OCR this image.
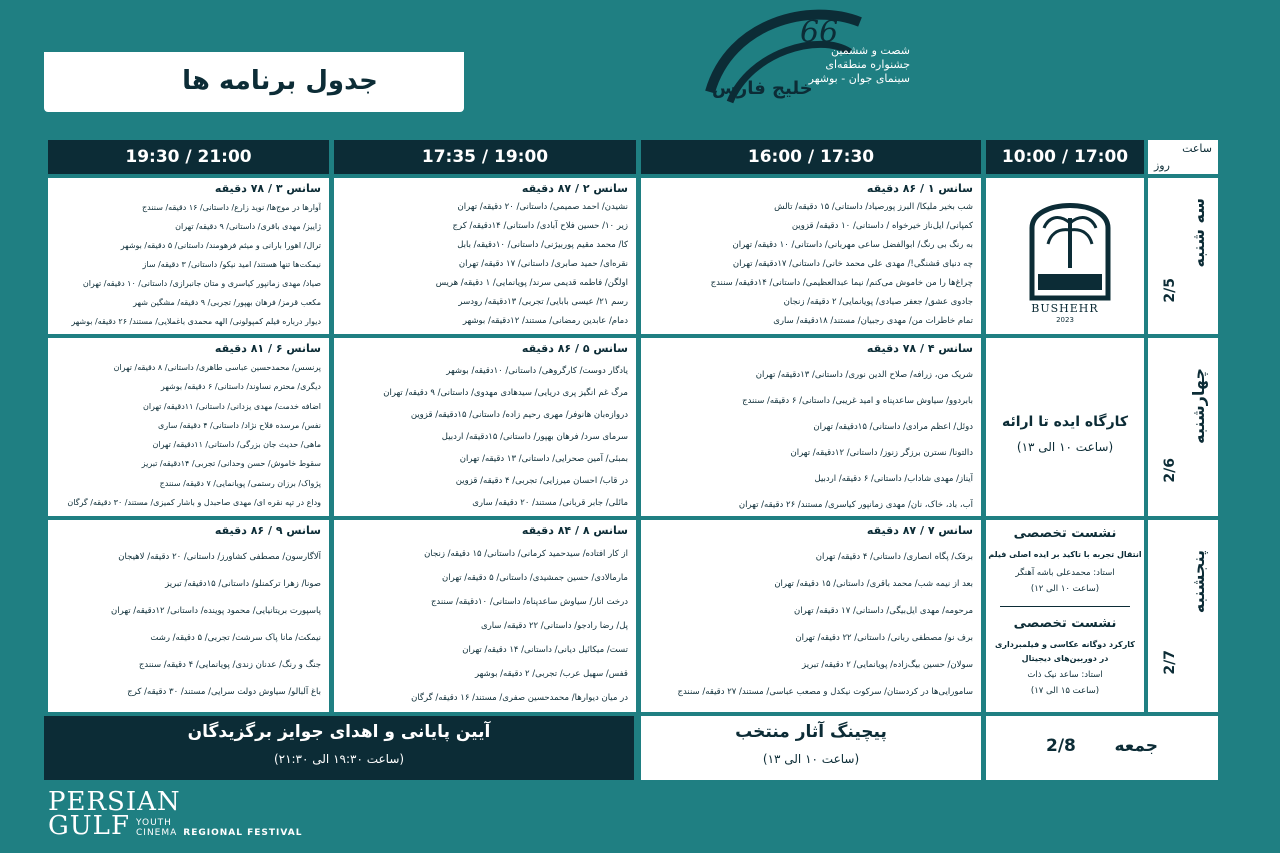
جدول برنامه ها
66
شصت و ششمین
جشنواره منطقه‌ای
سینمای جوان - بوشهر
خلیج فارس
ساعت
روز
10:00 / 17:00
16:00 / 17:30
17:35 / 19:00
19:30 / 21:00
سه شنبه
2/5
چهارشنبه
2/6
پنجشنبه
2/7
BUSHEHR
2023
کارگاه ایده تا ارائه
(ساعت ۱۰ الی ۱۳)
نشست تخصصی
انتقال تجربه با تاکید بر ایده اصلی فیلم
استاد: محمدعلی باشه آهنگر
(ساعت ۱۰ الی ۱۲)
نشست تخصصی
کارکرد دوگانه عکاسی و فیلمبرداری
در دوربین‌های دیجیتال
استاد: ساعد نیک ذات
(ساعت ۱۵ الی ۱۷)
سانس ۱ / ۸۶ دقیقه
شب بخیر ملیکا/ البرز پورصیاد/ داستانی/ ۱۵ دقیقه/ تالش
کمپانی/ ایل‌ناز خیرخواه / داستانی/ ۱۰ دقیقه/ قزوین
به رنگ بی رنگ/ ابوالفضل ساعی مهربانی/ داستانی/ ۱۰ دقیقه/ تهران
چه دنیای قشنگی!/ مهدی علی محمد خانی/ داستانی/ ۱۷دقیقه/ تهران
چراغ‌ها را من خاموش می‌کنم/ نیما عبدالعظیمی/ داستانی/ ۱۴دقیقه/ سنندج
جادوی عشق/ جعفر صیادی/ پویانمایی/ ۲ دقیقه/ زنجان
تمام خاطرات من/ مهدی رجبیان/ مستند/ ۱۸دقیقه/ ساری
سانس ۲ / ۸۷ دقیقه
نشیدن/ احمد صمیمی/ داستانی/ ۲۰ دقیقه/ تهران
زیر ۱۰/ حسین فلاح آبادی/ داستانی/ ۱۴دقیقه/ کرج
کا/ محمد مقیم پوربیژنی/ داستانی/ ۱۰دقیقه/ بابل
نقره‌ای/ حمید صابری/ داستانی/ ۱۷ دقیقه/ تهران
اولگن/ فاطمه قدیمی سرند/ پویانمایی/ ۱ دقیقه/ هریس
رسم ۲۱/ عیسی بابایی/ تجربی/ ۱۳دقیقه/ رودسر
دمام/ عابدین رمضانی/ مستند/ ۱۲دقیقه/ بوشهر
سانس ۳ / ۷۸ دقیقه
آوارها در موج‌ها/ نوید زارع/ داستانی/ ۱۶ دقیقه/ سنندج
ژاییز/ مهدی باقری/ داستانی/ ۹ دقیقه/ تهران
ترال/ اهورا بارانی و میثم فرهومند/ داستانی/ ۵ دقیقه/ بوشهر
نیمکت‌ها تنها هستند/ امید نیکو/ داستانی/ ۳ دقیقه/ ساز
صیاد/ مهدی زمانپور کیاسری و متان جانبرازی/ داستانی/ ۱۰ دقیقه/ تهران
مکعب قرمز/ فرهان بهپور/ تجربی/ ۹ دقیقه/ مشگین شهر
دیوار درباره فیلم کمپولونی/ الهه محمدی باغملایی/ مستند/ ۲۶ دقیقه/ بوشهر
سانس ۴ / ۷۸ دقیقه
شریک من، زرافه/ صلاح الدین نوری/ داستانی/ ۱۳دقیقه/ تهران
بابردوو/ سیاوش ساعدپناه و امید غریبی/ داستانی/ ۶ دقیقه/ سنندج
دوئل/ اعظم مرادی/ داستانی/ ۱۵دقیقه/ تهران
دالتونا/ نسترن برزگر زنوز/ داستانی/ ۱۲دقیقه/ تهران
آیناز/ مهدی شاداب/ داستانی/ ۶ دقیقه/ اردبیل
آب، باد، خاک، نان/ مهدی زمانپور کیاسری/ مستند/ ۲۶ دقیقه/ تهران
سانس ۵ / ۸۶ دقیقه
یادگار دوست/ کارگروهی/ داستانی/ ۱۰دقیقه/ بوشهر
مرگ غم انگیز پری دریایی/ سیدهادی مهدوی/ داستانی/ ۹ دقیقه/ تهران
دروازه‌بان هانوفر/ مهری رحیم زاده/ داستانی/ ۱۵دقیقه/ قزوین
سرمای سرد/ فرهان بهپور/ داستانی/ ۱۵دقیقه/ اردبیل
بمبئی/ آمین صحرایی/ داستانی/ ۱۳ دقیقه/ تهران
در قاب/ احسان میرزایی/ تجربی/ ۴ دقیقه/ قزوین
مائلی/ جابر قربانی/ مستند/ ۲۰ دقیقه/ ساری
سانس ۶ / ۸۱ دقیقه
پرنسس/ محمدحسین عباسی طاهری/ داستانی/ ۸ دقیقه/ تهران
دیگری/ محترم نساوند/ داستانی/ ۶ دقیقه/ بوشهر
اضافه خدمت/ مهدی یزدانی/ داستانی/ ۱۱دقیقه/ تهران
نفس/ مرسده فلاح نژاد/ داستانی/ ۴ دقیقه/ ساری
ماهی/ حدیث جان بزرگی/ داستانی/ ۱۱دقیقه/ تهران
سقوط خاموش/ حسن وحدانی/ تجربی/ ۱۴دقیقه/ تبریز
پژواک/ برزان رستمی/ پویانمایی/ ۷ دقیقه/ سنندج
وداع در تپه نقره ای/ مهدی صاحبدل و باشار کمیزی/ مستند/ ۳۰ دقیقه/ گرگان
سانس ۷ / ۸۷ دقیقه
برفک/ پگاه انصاری/ داستانی/ ۴ دقیقه/ تهران
بعد از نیمه شب/ محمد باقری/ داستانی/ ۱۵ دقیقه/ تهران
مرحومه/ مهدی ایل‌بیگی/ داستانی/ ۱۷ دقیقه/ تهران
برف نو/ مصطفی ربانی/ داستانی/ ۲۲ دقیقه/ تهران
سولان/ حسین بیگ‌زاده/ پویانمایی/ ۲ دقیقه/ تبریز
سامورایی‌ها در کردستان/ سرکوت نیکدل و مصعب عباسی/ مستند/ ۲۷ دقیقه/ سنندج
سانس ۸ / ۸۴ دقیقه
از کار افتاده/ سیدحمید کرمانی/ داستانی/ ۱۵ دقیقه/ زنجان
مارمالادی/ حسین جمشیدی/ داستانی/ ۵ دقیقه/ تهران
درخت انار/ سیاوش ساعدپناه/ داستانی/ ۱۰دقیقه/ سنندج
پل/ رضا رادجو/ داستانی/ ۲۲ دقیقه/ ساری
تست/ میکائیل دیانی/ داستانی/ ۱۴ دقیقه/ تهران
قفس/ سهیل عرب/ تجربی/ ۲ دقیقه/ بوشهر
در میان دیوارها/ محمدحسین صفری/ مستند/ ۱۶ دقیقه/ گرگان
سانس ۹ / ۸۶ دقیقه
آلاگارسون/ مصطفی کشاورز/ داستانی/ ۲۰ دقیقه/ لاهیجان
صونا/ زهرا ترکمنلو/ داستانی/ ۱۵دقیقه/ تبریز
پاسپورت بریتانیایی/ محمود پوینده/ داستانی/ ۱۲دقیقه/ تهران
نیمکت/ مانا پاک سرشت/ تجربی/ ۵ دقیقه/ رشت
جنگ و رنگ/ عدنان زندی/ پویانمایی/ ۴ دقیقه/ سنندج
باغ آلبالو/ سیاوش دولت سرایی/ مستند/ ۳۰ دقیقه/ کرج
جمعه
2/8
پیچینگ آثار منتخب
(ساعت ۱۰ الی ۱۳)
آیین پایانی و اهدای جوایز برگزیدگان
(ساعت ۱۹:۳۰ الی ۲۱:۳۰)
PERSIAN
GULF YOUTH
CINEMA REGIONAL FESTIVAL
